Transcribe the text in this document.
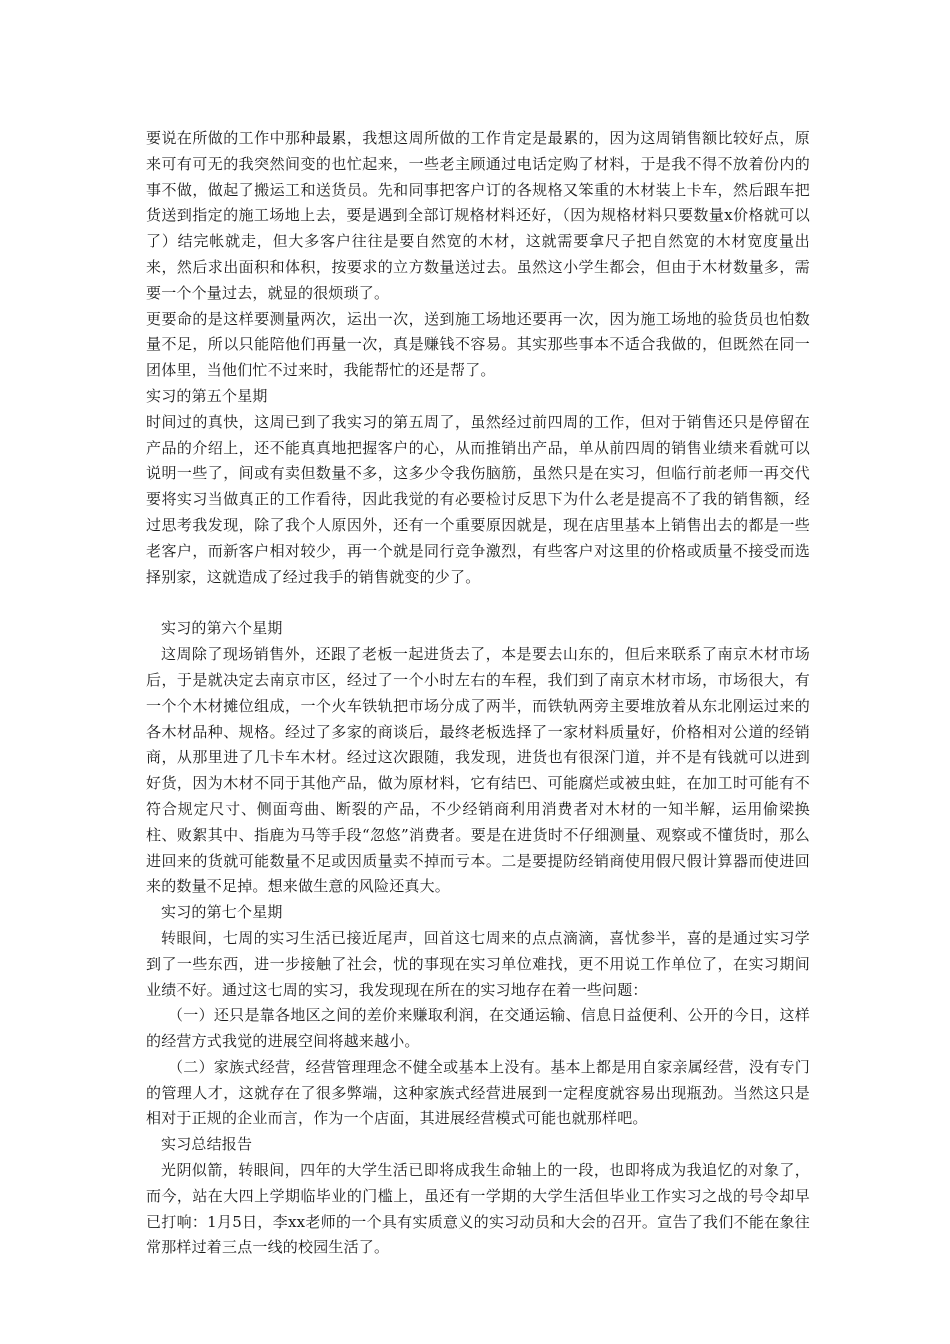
要说在所做的工作中那种最累，我想这周所做的工作肯定是最累的，因为这周销售额比较好点，原来可有可无的我突然间变的也忙起来，一些老主顾通过电话定购了材料，于是我不得不放着份内的事不做，做起了搬运工和送货员。先和同事把客户订的各规格又笨重的木材装上卡车，然后跟车把货送到指定的施工场地上去，要是遇到全部订规格材料还好，（因为规格材料只要数量x价格就可以了）结完帐就走，但大多客户往往是要自然宽的木材，这就需要拿尺子把自然宽的木材宽度量出来，然后求出面积和体积，按要求的立方数量送过去。虽然这小学生都会，但由于木材数量多，需要一个个量过去，就显的很烦琐了。

更要命的是这样要测量两次，运出一次，送到施工场地还要再一次，因为施工场地的验货员也怕数量不足，所以只能陪他们再量一次，真是赚钱不容易。其实那些事本不适合我做的，但既然在同一团体里，当他们忙不过来时，我能帮忙的还是帮了。

实习的第五个星期

时间过的真快，这周已到了我实习的第五周了，虽然经过前四周的工作，但对于销售还只是停留在产品的介绍上，还不能真真地把握客户的心，从而推销出产品，单从前四周的销售业绩来看就可以说明一些了，间或有卖但数量不多，这多少令我伤脑筋，虽然只是在实习，但临行前老师一再交代要将实习当做真正的工作看待，因此我觉的有必要检讨反思下为什么老是提高不了我的销售额，经过思考我发现，除了我个人原因外，还有一个重要原因就是，现在店里基本上销售出去的都是一些老客户，而新客户相对较少，再一个就是同行竞争激烈，有些客户对这里的价格或质量不接受而选择别家，这就造成了经过我手的销售就变的少了。

实习的第六个星期

这周除了现场销售外，还跟了老板一起进货去了，本是要去山东的，但后来联系了南京木材市场后，于是就决定去南京市区，经过了一个小时左右的车程，我们到了南京木材市场，市场很大，有一个个木材摊位组成，一个火车铁轨把市场分成了两半，而铁轨两旁主要堆放着从东北刚运过来的各木材品种、规格。经过了多家的商谈后，最终老板选择了一家材料质量好，价格相对公道的经销商，从那里进了几卡车木材。经过这次跟随，我发现，进货也有很深门道，并不是有钱就可以进到好货，因为木材不同于其他产品，做为原材料，它有结巴、可能腐烂或被虫蛀，在加工时可能有不符合规定尺寸、侧面弯曲、断裂的产品，不少经销商利用消费者对木材的一知半解，运用偷梁换柱、败絮其中、指鹿为马等手段“忽悠”消费者。要是在进货时不仔细测量、观察或不懂货时，那么进回来的货就可能数量不足或因质量卖不掉而亏本。二是要提防经销商使用假尺假计算器而使进回来的数量不足掉。想来做生意的风险还真大。

实习的第七个星期

转眼间，七周的实习生活已接近尾声，回首这七周来的点点滴滴，喜忧参半，喜的是通过实习学到了一些东西，进一步接触了社会，忧的事现在实习单位难找，更不用说工作单位了，在实习期间业绩不好。通过这七周的实习，我发现现在所在的实习地存在着一些问题：

（一）还只是靠各地区之间的差价来赚取利润，在交通运输、信息日益便利、公开的今日，这样的经营方式我觉的进展空间将越来越小。

（二）家族式经营，经营管理理念不健全或基本上没有。基本上都是用自家亲属经营，没有专门的管理人才，这就存在了很多弊端，这种家族式经营进展到一定程度就容易出现瓶劲。当然这只是相对于正规的企业而言，作为一个店面，其进展经营模式可能也就那样吧。

实习总结报告

光阴似箭，转眼间，四年的大学生活已即将成我生命轴上的一段，也即将成为我追忆的对象了，而今，站在大四上学期临毕业的门槛上，虽还有一学期的大学生活但毕业工作实习之战的号令却早已打响：1月5日，李xx老师的一个具有实质意义的实习动员和大会的召开。宣告了我们不能在象往常那样过着三点一线的校园生活了。
